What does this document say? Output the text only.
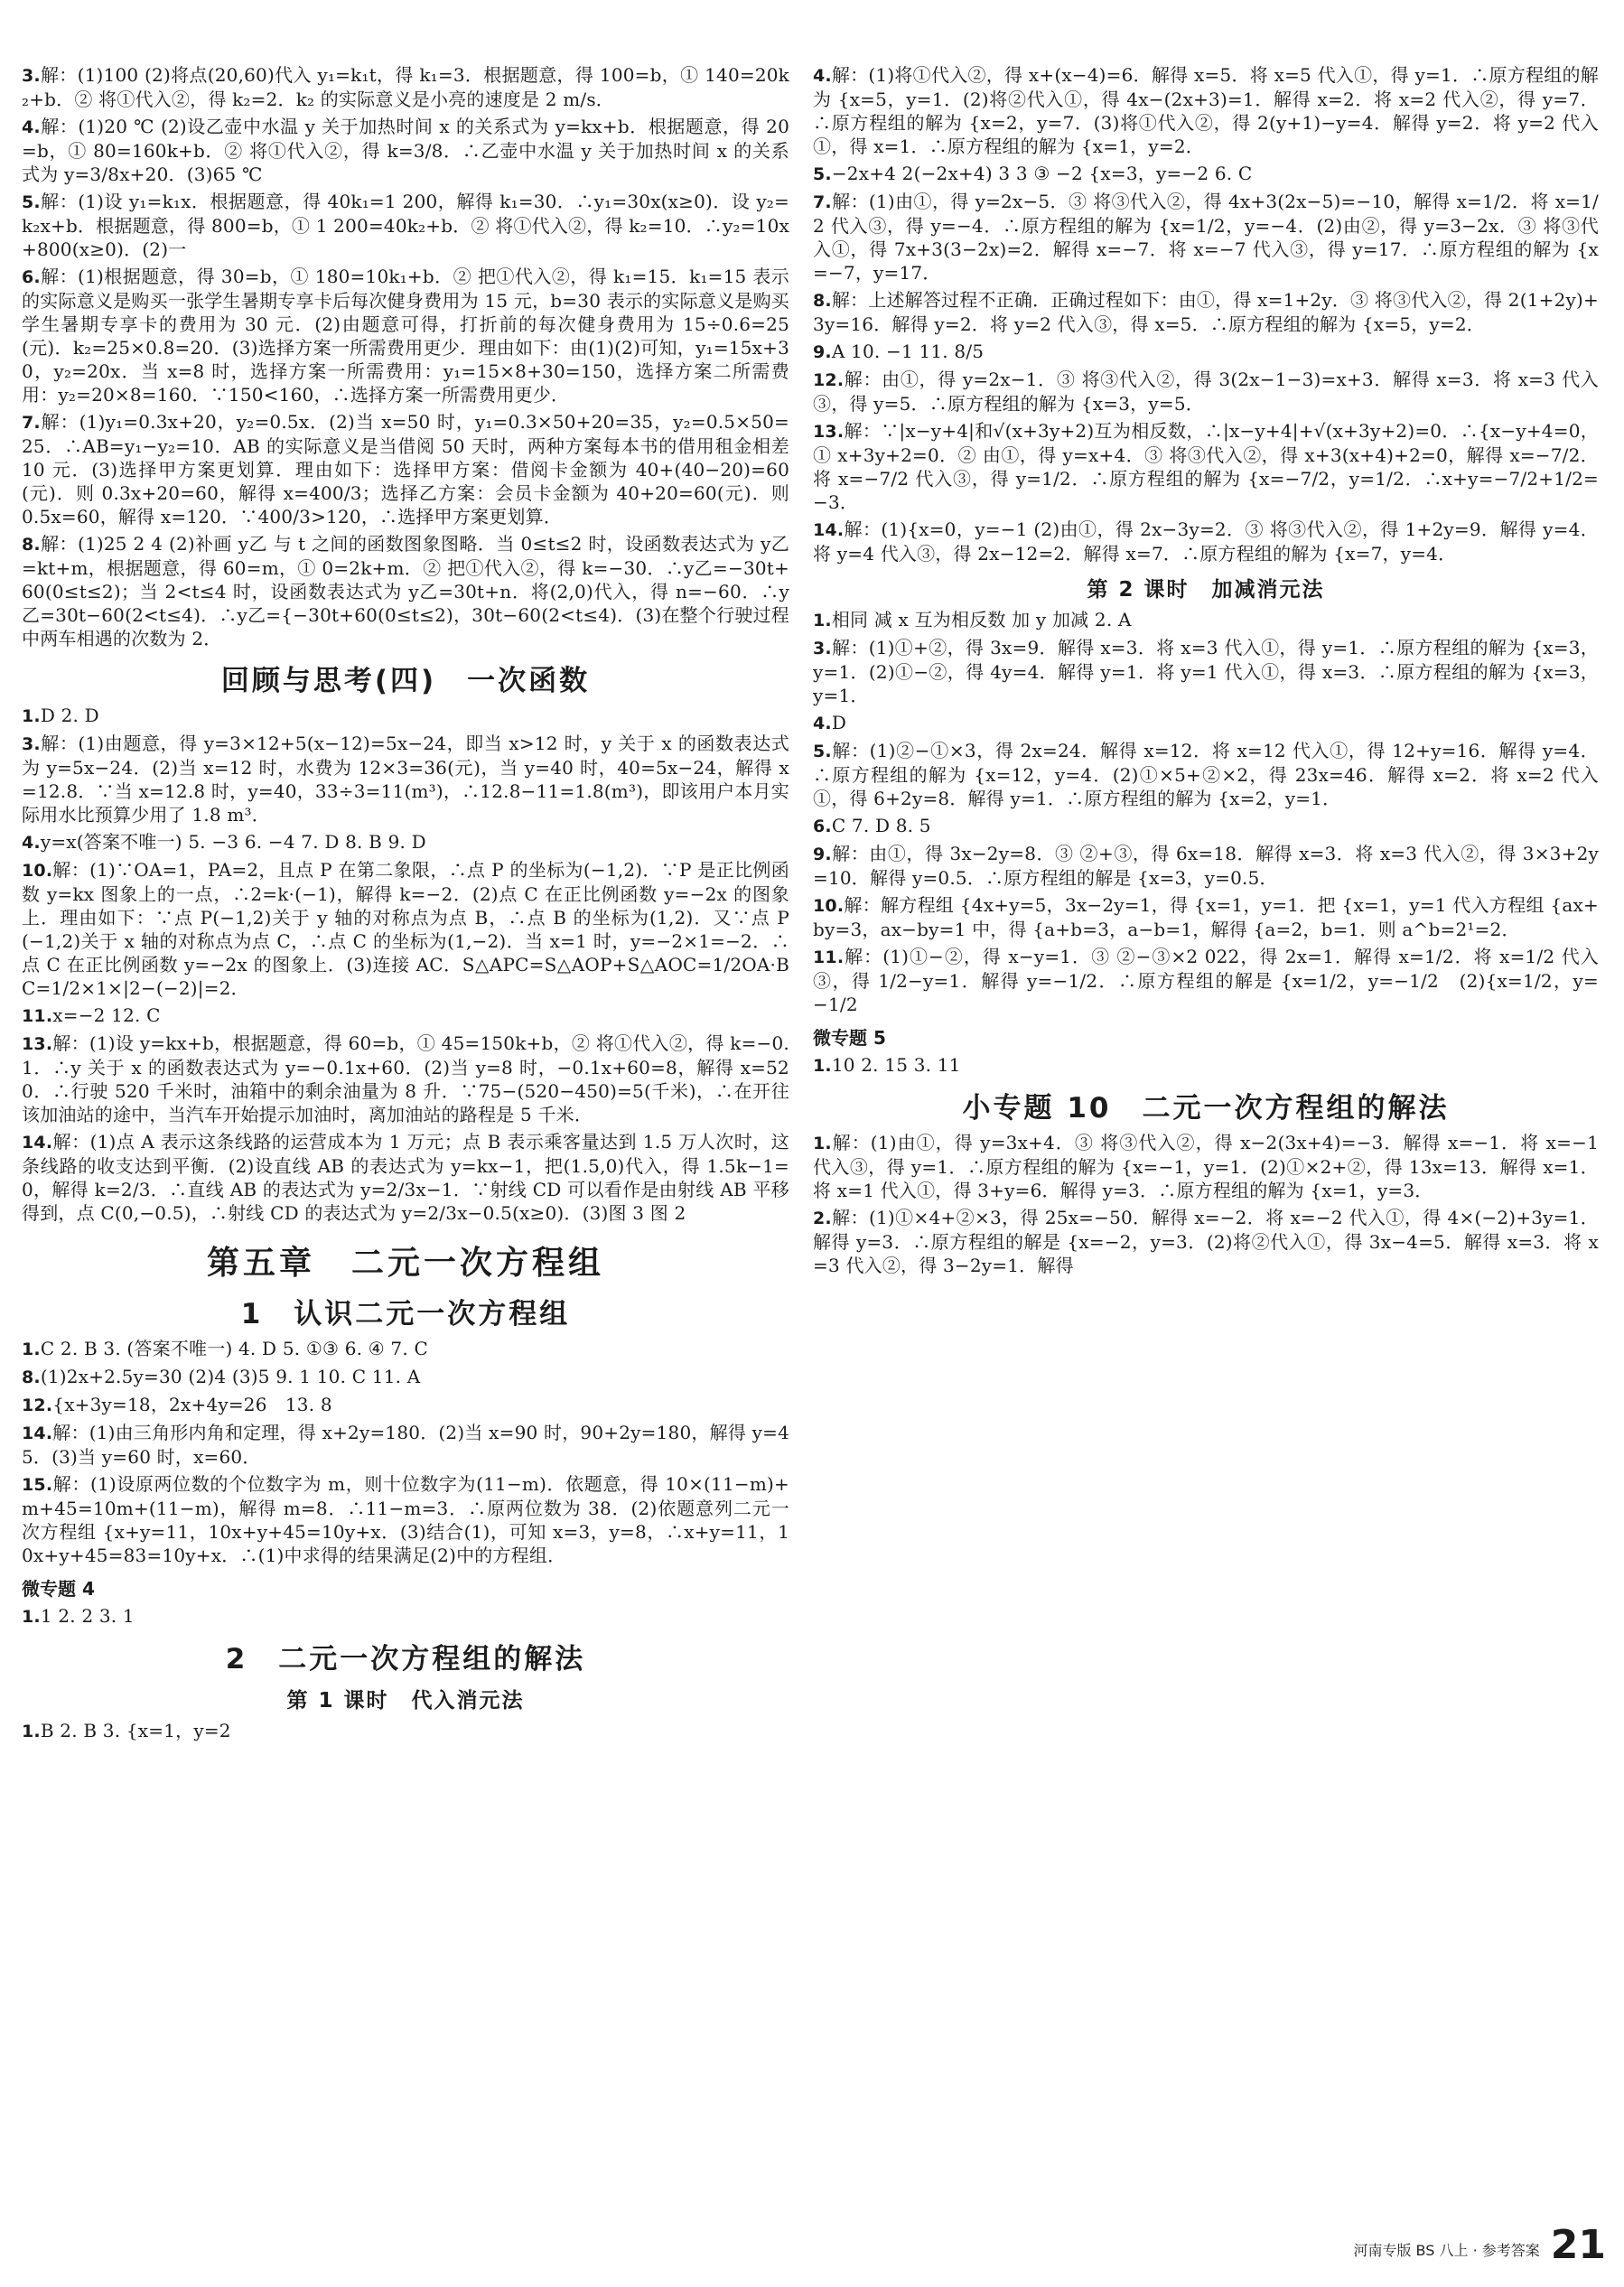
3.解：(1)100 (2)将点(20,60)代入 y₁=k₁t，得 k₁=3．根据题意，得 100=b，① 140=20k₂+b．② 将①代入②，得 k₂=2．k₂ 的实际意义是小亮的速度是 2 m/s．

4.解：(1)20 ℃ (2)设乙壶中水温 y 关于加热时间 x 的关系式为 y=kx+b．根据题意，得 20=b，① 80=160k+b．② 将①代入②，得 k=3/8．∴乙壶中水温 y 关于加热时间 x 的关系式为 y=3/8x+20．(3)65 ℃

5.解：(1)设 y₁=k₁x．根据题意，得 40k₁=1 200，解得 k₁=30．∴y₁=30x(x≥0)．设 y₂=k₂x+b．根据题意，得 800=b，① 1 200=40k₂+b．② 将①代入②，得 k₂=10．∴y₂=10x+800(x≥0)．(2)一

6.解：(1)根据题意，得 30=b，① 180=10k₁+b．② 把①代入②，得 k₁=15．k₁=15 表示的实际意义是购买一张学生暑期专享卡后每次健身费用为 15 元，b=30 表示的实际意义是购买学生暑期专享卡的费用为 30 元．(2)由题意可得，打折前的每次健身费用为 15÷0.6=25(元)．k₂=25×0.8=20．(3)选择方案一所需费用更少．理由如下：由(1)(2)可知，y₁=15x+30，y₂=20x．当 x=8 时，选择方案一所需费用：y₁=15×8+30=150，选择方案二所需费用：y₂=20×8=160．∵150<160，∴选择方案一所需费用更少．

7.解：(1)y₁=0.3x+20，y₂=0.5x．(2)当 x=50 时，y₁=0.3×50+20=35，y₂=0.5×50=25．∴AB=y₁−y₂=10．AB 的实际意义是当借阅 50 天时，两种方案每本书的借用租金相差 10 元．(3)选择甲方案更划算．理由如下：选择甲方案：借阅卡金额为 40+(40−20)=60(元)．则 0.3x+20=60，解得 x=400/3；选择乙方案：会员卡金额为 40+20=60(元)．则 0.5x=60，解得 x=120．∵400/3>120，∴选择甲方案更划算．

8.解：(1)25 2 4 (2)补画 y乙 与 t 之间的函数图象图略．当 0≤t≤2 时，设函数表达式为 y乙=kt+m，根据题意，得 60=m，① 0=2k+m．② 把①代入②，得 k=−30．∴y乙=−30t+60(0≤t≤2)；当 2<t≤4 时，设函数表达式为 y乙=30t+n．将(2,0)代入，得 n=−60．∴y乙=30t−60(2<t≤4)．∴y乙={−30t+60(0≤t≤2)，30t−60(2<t≤4)．(3)在整个行驶过程中两车相遇的次数为 2．

回顾与思考(四)　一次函数

1.D 2. D

3.解：(1)由题意，得 y=3×12+5(x−12)=5x−24，即当 x>12 时，y 关于 x 的函数表达式为 y=5x−24．(2)当 x=12 时，水费为 12×3=36(元)，当 y=40 时，40=5x−24，解得 x=12.8．∵当 x=12.8 时，y=40，33÷3=11(m³)，∴12.8−11=1.8(m³)，即该用户本月实际用水比预算少用了 1.8 m³．

4.y=x(答案不唯一) 5. −3 6. −4 7. D 8. B 9. D

10.解：(1)∵OA=1，PA=2，且点 P 在第二象限，∴点 P 的坐标为(−1,2)．∵P 是正比例函数 y=kx 图象上的一点，∴2=k·(−1)，解得 k=−2．(2)点 C 在正比例函数 y=−2x 的图象上．理由如下：∵点 P(−1,2)关于 y 轴的对称点为点 B，∴点 B 的坐标为(1,2)．又∵点 P(−1,2)关于 x 轴的对称点为点 C，∴点 C 的坐标为(1,−2)．当 x=1 时，y=−2×1=−2．∴点 C 在正比例函数 y=−2x 的图象上．(3)连接 AC．S△APC=S△AOP+S△AOC=1/2OA·BC=1/2×1×|2−(−2)|=2．

11.x=−2 12. C

13.解：(1)设 y=kx+b，根据题意，得 60=b，① 45=150k+b，② 将①代入②，得 k=−0.1．∴y 关于 x 的函数表达式为 y=−0.1x+60．(2)当 y=8 时，−0.1x+60=8，解得 x=520．∴行驶 520 千米时，油箱中的剩余油量为 8 升．∵75−(520−450)=5(千米)，∴在开往该加油站的途中，当汽车开始提示加油时，离加油站的路程是 5 千米．

14.解：(1)点 A 表示这条线路的运营成本为 1 万元；点 B 表示乘客量达到 1.5 万人次时，这条线路的收支达到平衡．(2)设直线 AB 的表达式为 y=kx−1，把(1.5,0)代入，得 1.5k−1=0，解得 k=2/3．∴直线 AB 的表达式为 y=2/3x−1．∵射线 CD 可以看作是由射线 AB 平移得到，点 C(0,−0.5)，∴射线 CD 的表达式为 y=2/3x−0.5(x≥0)．(3)图 3 图 2

第五章　二元一次方程组
1　认识二元一次方程组

1.C 2. B 3. (答案不唯一) 4. D 5. ①③ 6. ④ 7. C

8.(1)2x+2.5y=30 (2)4 (3)5 9. 1 10. C 11. A

12.{x+3y=18，2x+4y=26　13. 8

14.解：(1)由三角形内角和定理，得 x+2y=180．(2)当 x=90 时，90+2y=180，解得 y=45．(3)当 y=60 时，x=60．

15.解：(1)设原两位数的个位数字为 m，则十位数字为(11−m)．依题意，得 10×(11−m)+m+45=10m+(11−m)，解得 m=8．∴11−m=3．∴原两位数为 38．(2)依题意列二元一次方程组 {x+y=11，10x+y+45=10y+x．(3)结合(1)，可知 x=3，y=8，∴x+y=11，10x+y+45=83=10y+x．∴(1)中求得的结果满足(2)中的方程组．

微专题 4

1.1 2. 2 3. 1

2　二元一次方程组的解法
第 1 课时　代入消元法

1.B 2. B 3. {x=1，y=2

4.解：(1)将①代入②，得 x+(x−4)=6．解得 x=5．将 x=5 代入①，得 y=1．∴原方程组的解为 {x=5，y=1．(2)将②代入①，得 4x−(2x+3)=1．解得 x=2．将 x=2 代入②，得 y=7．∴原方程组的解为 {x=2，y=7．(3)将①代入②，得 2(y+1)−y=4．解得 y=2．将 y=2 代入①，得 x=1．∴原方程组的解为 {x=1，y=2．

5.−2x+4 2(−2x+4) 3 3 ③ −2 {x=3，y=−2 6. C

7.解：(1)由①，得 y=2x−5．③ 将③代入②，得 4x+3(2x−5)=−10，解得 x=1/2．将 x=1/2 代入③，得 y=−4．∴原方程组的解为 {x=1/2，y=−4．(2)由②，得 y=3−2x．③ 将③代入①，得 7x+3(3−2x)=2．解得 x=−7．将 x=−7 代入③，得 y=17．∴原方程组的解为 {x=−7，y=17．

8.解：上述解答过程不正确．正确过程如下：由①，得 x=1+2y．③ 将③代入②，得 2(1+2y)+3y=16．解得 y=2．将 y=2 代入③，得 x=5．∴原方程组的解为 {x=5，y=2．

9.A 10. −1 11. 8/5

12.解：由①，得 y=2x−1．③ 将③代入②，得 3(2x−1−3)=x+3．解得 x=3．将 x=3 代入③，得 y=5．∴原方程组的解为 {x=3，y=5．

13.解：∵|x−y+4|和√(x+3y+2)互为相反数，∴|x−y+4|+√(x+3y+2)=0．∴{x−y+4=0，① x+3y+2=0．② 由①，得 y=x+4．③ 将③代入②，得 x+3(x+4)+2=0，解得 x=−7/2．将 x=−7/2 代入③，得 y=1/2．∴原方程组的解为 {x=−7/2，y=1/2．∴x+y=−7/2+1/2=−3．

14.解：(1){x=0，y=−1 (2)由①，得 2x−3y=2．③ 将③代入②，得 1+2y=9．解得 y=4．将 y=4 代入③，得 2x−12=2．解得 x=7．∴原方程组的解为 {x=7，y=4．

第 2 课时　加减消元法

1.相同 减 x 互为相反数 加 y 加减 2. A

3.解：(1)①+②，得 3x=9．解得 x=3．将 x=3 代入①，得 y=1．∴原方程组的解为 {x=3，y=1．(2)①−②，得 4y=4．解得 y=1．将 y=1 代入①，得 x=3．∴原方程组的解为 {x=3，y=1．

4.D

5.解：(1)②−①×3，得 2x=24．解得 x=12．将 x=12 代入①，得 12+y=16．解得 y=4．∴原方程组的解为 {x=12，y=4．(2)①×5+②×2，得 23x=46．解得 x=2．将 x=2 代入①，得 6+2y=8．解得 y=1．∴原方程组的解为 {x=2，y=1．

6.C 7. D 8. 5

9.解：由①，得 3x−2y=8．③ ②+③，得 6x=18．解得 x=3．将 x=3 代入②，得 3×3+2y=10．解得 y=0.5．∴原方程组的解是 {x=3，y=0.5．

10.解：解方程组 {4x+y=5，3x−2y=1，得 {x=1，y=1．把 {x=1，y=1 代入方程组 {ax+by=3，ax−by=1 中，得 {a+b=3，a−b=1，解得 {a=2，b=1．则 a^b=2¹=2．

11.解：(1)①−②，得 x−y=1．③ ②−③×2 022，得 2x=1．解得 x=1/2．将 x=1/2 代入③，得 1/2−y=1．解得 y=−1/2．∴原方程组的解是 {x=1/2，y=−1/2　(2){x=1/2，y=−1/2

微专题 5

1.10 2. 15 3. 11

小专题 10　二元一次方程组的解法

1.解：(1)由①，得 y=3x+4．③ 将③代入②，得 x−2(3x+4)=−3．解得 x=−1．将 x=−1 代入③，得 y=1．∴原方程组的解为 {x=−1，y=1．(2)①×2+②，得 13x=13．解得 x=1．将 x=1 代入①，得 3+y=6．解得 y=3．∴原方程组的解为 {x=1，y=3．

2.解：(1)①×4+②×3，得 25x=−50．解得 x=−2．将 x=−2 代入①，得 4×(−2)+3y=1．解得 y=3．∴原方程组的解是 {x=−2，y=3．(2)将②代入①，得 3x−4=5．解得 x=3．将 x=3 代入②，得 3−2y=1．解得

河南专版 BS 八上 · 参考答案 21
